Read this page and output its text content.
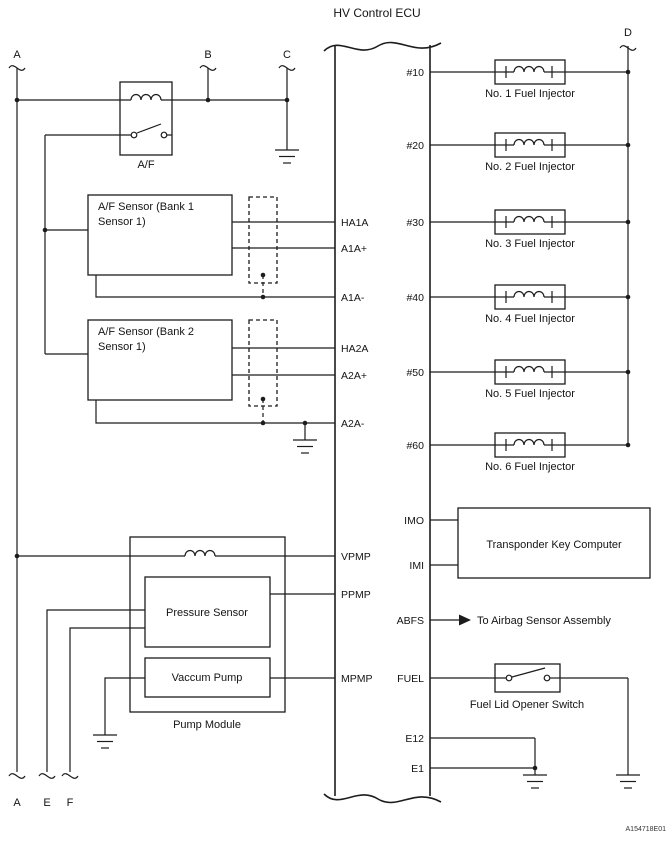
HV Control ECU
HA1A
A1A+
A1A-
HA2A
A2A+
A2A-
VPMP
PPMP
MPMP
#10
#20
#30
#40
#50
#60
IMO
IMI
ABFS
FUEL
E12
E1
A	B	C
D
A E F
A/F
A/F Sensor (Bank 1
Sensor 1)
A/F Sensor (Bank 2
Sensor 1)
Pressure Sensor
Vaccum Pump
Pump Module
No. 1 Fuel Injector
No. 2 Fuel Injector
No. 3 Fuel Injector
No. 4 Fuel Injector
No. 5 Fuel Injector
No. 6 Fuel Injector
Transponder Key Computer
To Airbag Sensor Assembly
Fuel Lid Opener Switch
A154718E01
